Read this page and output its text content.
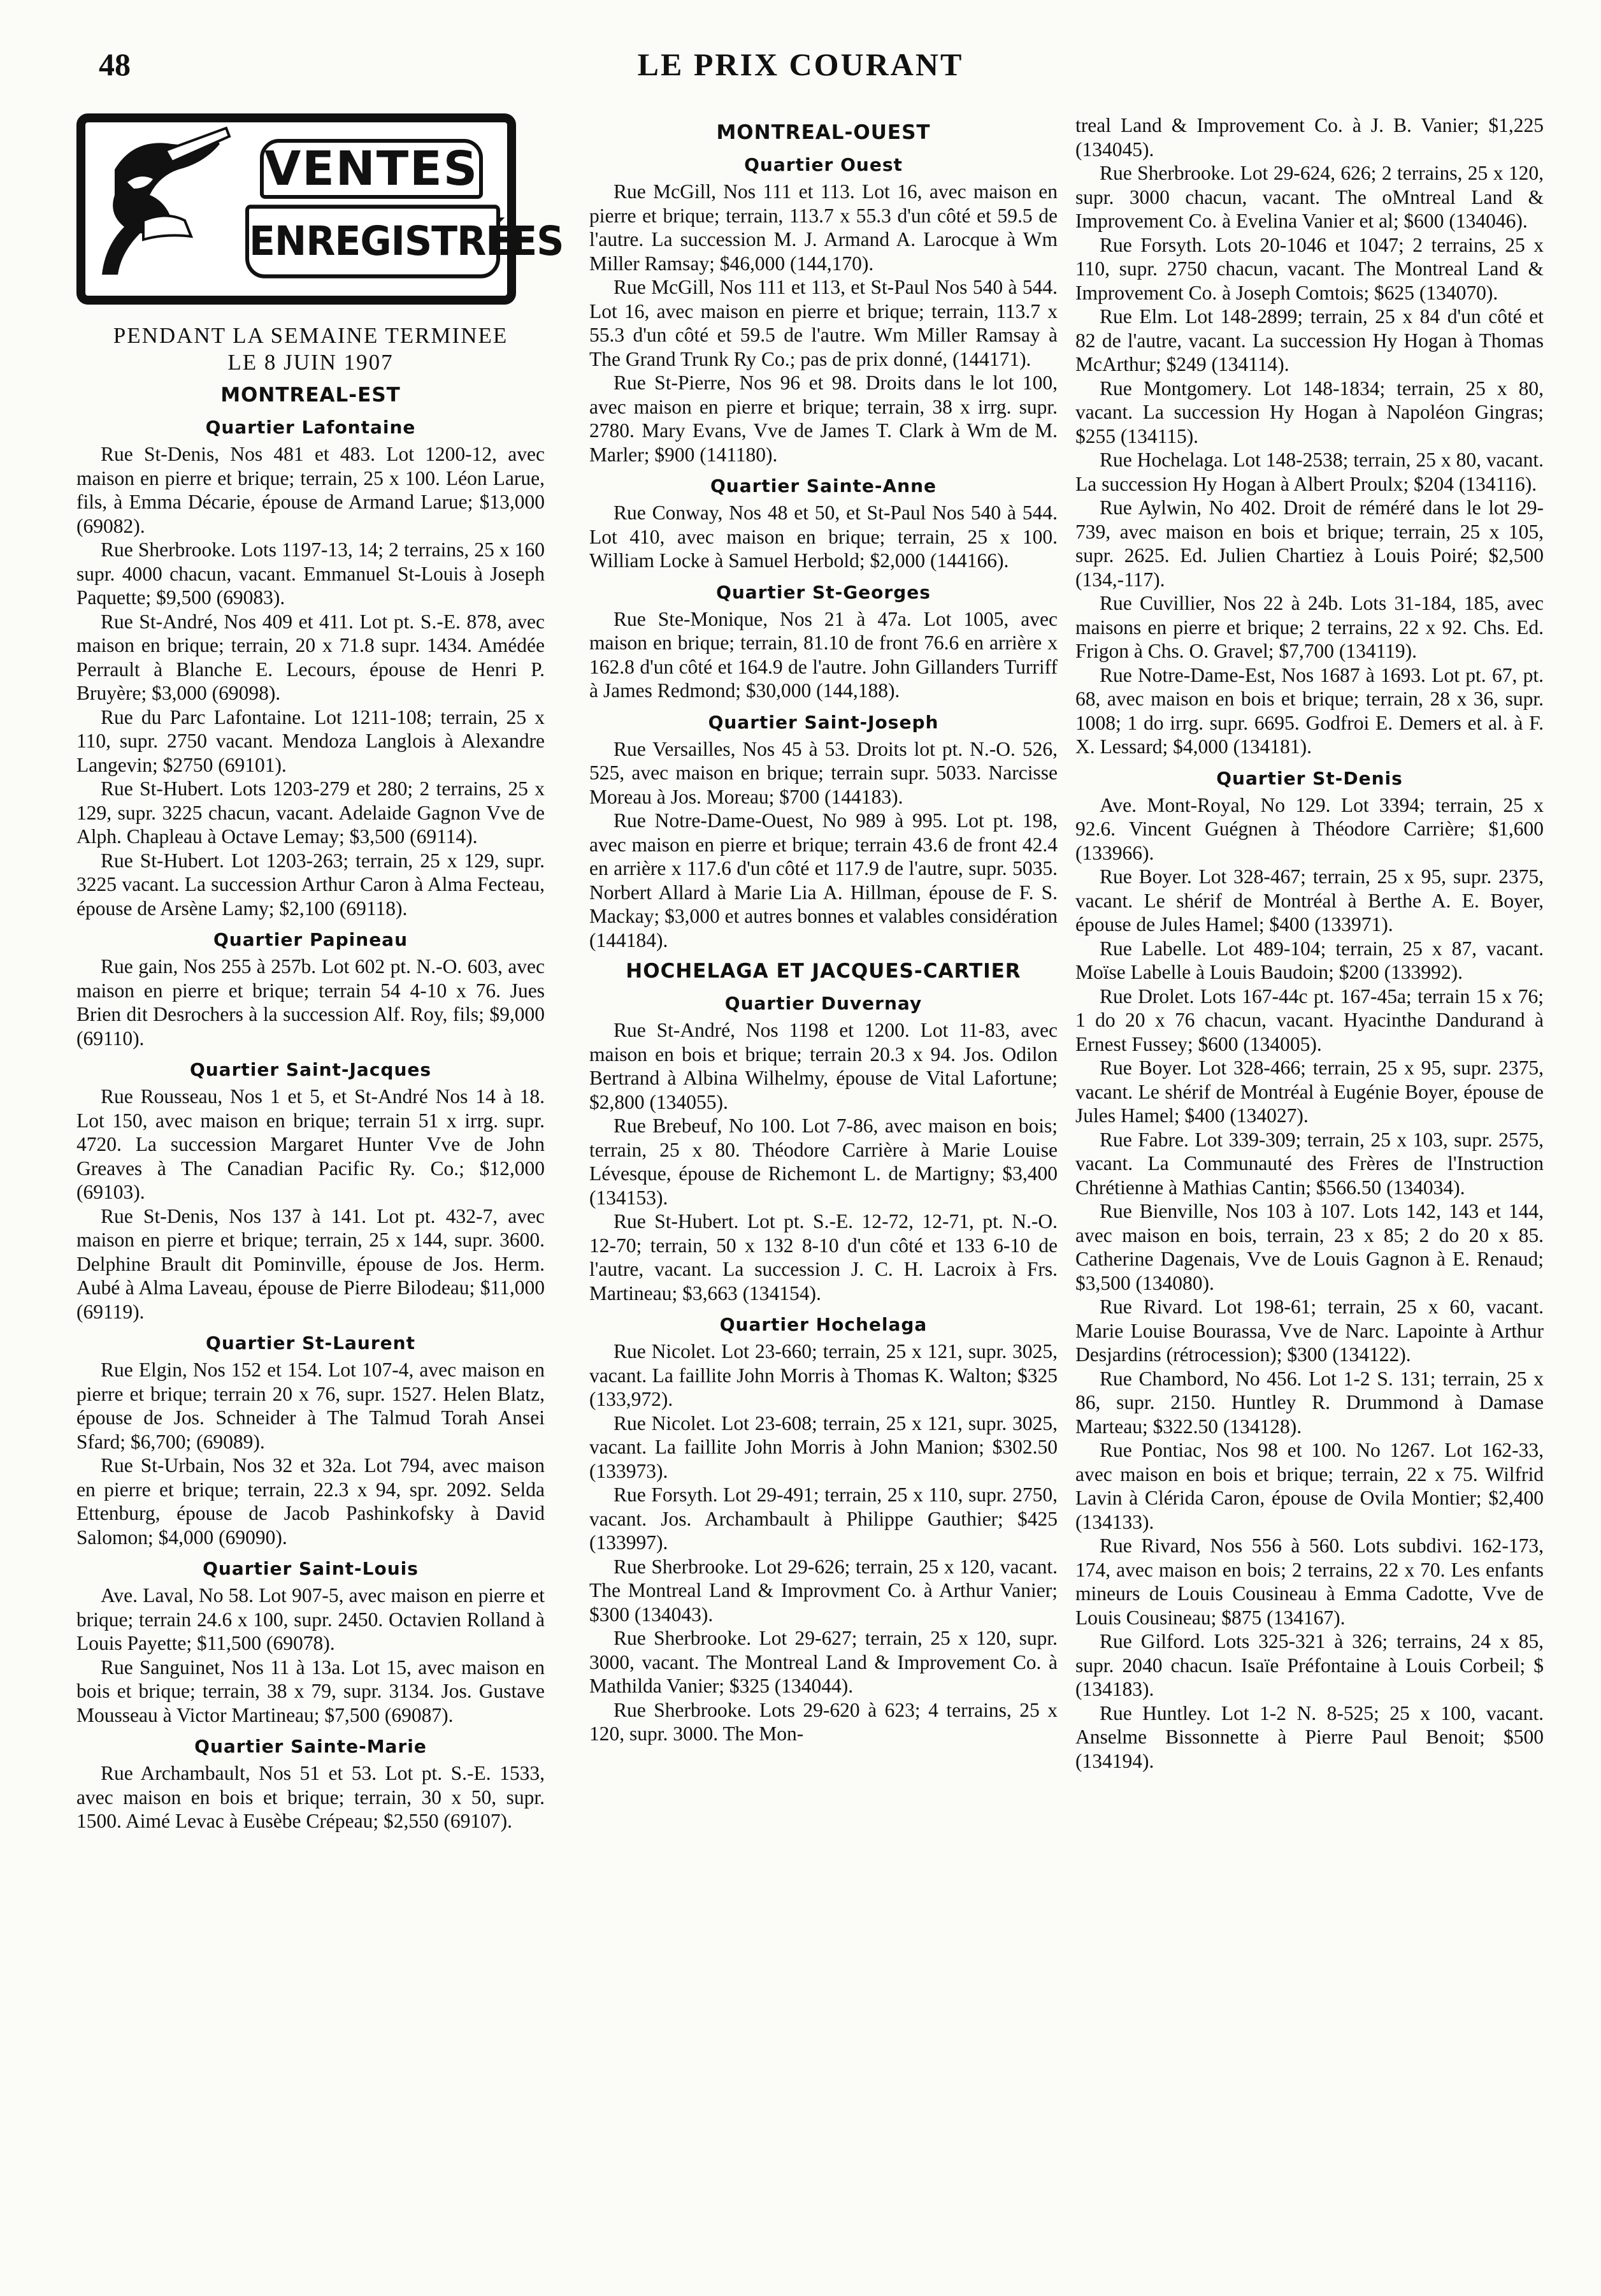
48	LE PRIX COURANT
VENTES
ENREGISTRÉES
PENDANT LA SEMAINE TERMINEE
LE 8 JUIN 1907
MONTREAL-EST
Quartier Lafontaine
Rue St-Denis, Nos 481 et 483. Lot 1200-12, avec maison en pierre et brique; terrain, 25 x 100. Léon Larue, fils, à Emma Décarie, épouse de Armand Larue; $13,000 (69082).
Rue Sherbrooke. Lots 1197-13, 14; 2 terrains, 25 x 160 supr. 4000 chacun, vacant. Emmanuel St-Louis à Joseph Paquette; $9,500 (69083).
Rue St-André, Nos 409 et 411. Lot pt. S.-E. 878, avec maison en brique; terrain, 20 x 71.8 supr. 1434. Amédée Perrault à Blanche E. Lecours, épouse de Henri P. Bruyère; $3,000 (69098).
Rue du Parc Lafontaine. Lot 1211-108; terrain, 25 x 110, supr. 2750 vacant. Mendoza Langlois à Alexandre Langevin; $2750 (69101).
Rue St-Hubert. Lots 1203-279 et 280; 2 terrains, 25 x 129, supr. 3225 chacun, vacant. Adelaide Gagnon Vve de Alph. Chapleau à Octave Lemay; $3,500 (69114).
Rue St-Hubert. Lot 1203-263; terrain, 25 x 129, supr. 3225 vacant. La succession Arthur Caron à Alma Fecteau, épouse de Arsène Lamy; $2,100 (69118).
Quartier Papineau
Rue gain, Nos 255 à 257b. Lot 602 pt. N.-O. 603, avec maison en pierre et brique; terrain 54 4-10 x 76. Jues Brien dit Desrochers à la succession Alf. Roy, fils; $9,000 (69110).
Quartier Saint-Jacques
Rue Rousseau, Nos 1 et 5, et St-André Nos 14 à 18. Lot 150, avec maison en brique; terrain 51 x irrg. supr. 4720. La succession Margaret Hunter Vve de John Greaves à The Canadian Pacific Ry. Co.; $12,000 (69103).
Rue St-Denis, Nos 137 à 141. Lot pt. 432-7, avec maison en pierre et brique; terrain, 25 x 144, supr. 3600. Delphine Brault dit Pominville, épouse de Jos. Herm. Aubé à Alma Laveau, épouse de Pierre Bilodeau; $11,000 (69119).
Quartier St-Laurent
Rue Elgin, Nos 152 et 154. Lot 107-4, avec maison en pierre et brique; terrain 20 x 76, supr. 1527. Helen Blatz, épouse de Jos. Schneider à The Talmud Torah Ansei Sfard; $6,700; (69089).
Rue St-Urbain, Nos 32 et 32a. Lot 794, avec maison en pierre et brique; terrain, 22.3 x 94, spr. 2092. Selda Ettenburg, épouse de Jacob Pashinkofsky à David Salomon; $4,000 (69090).
Quartier Saint-Louis
Ave. Laval, No 58. Lot 907-5, avec maison en pierre et brique; terrain 24.6 x 100, supr. 2450. Octavien Rolland à Louis Payette; $11,500 (69078).
Rue Sanguinet, Nos 11 à 13a. Lot 15, avec maison en bois et brique; terrain, 38 x 79, supr. 3134. Jos. Gustave Mousseau à Victor Martineau; $7,500 (69087).
Quartier Sainte-Marie
Rue Archambault, Nos 51 et 53. Lot pt. S.-E. 1533, avec maison en bois et brique; terrain, 30 x 50, supr. 1500. Aimé Levac à Eusèbe Crépeau; $2,550 (69107).
MONTREAL-OUEST
Quartier Ouest
Rue McGill, Nos 111 et 113. Lot 16, avec maison en pierre et brique; terrain, 113.7 x 55.3 d'un côté et 59.5 de l'autre. La succession M. J. Armand A. Larocque à Wm Miller Ramsay; $46,000 (144,170).
Rue McGill, Nos 111 et 113, et St-Paul Nos 540 à 544. Lot 16, avec maison en pierre et brique; terrain, 113.7 x 55.3 d'un côté et 59.5 de l'autre. Wm Miller Ramsay à The Grand Trunk Ry Co.; pas de prix donné, (144171).
Rue St-Pierre, Nos 96 et 98. Droits dans le lot 100, avec maison en pierre et brique; terrain, 38 x irrg. supr. 2780. Mary Evans, Vve de James T. Clark à Wm de M. Marler; $900 (141180).
Quartier Sainte-Anne
Rue Conway, Nos 48 et 50, et St-Paul Nos 540 à 544. Lot 410, avec maison en brique; terrain, 25 x 100. William Locke à Samuel Herbold; $2,000 (144166).
Quartier St-Georges
Rue Ste-Monique, Nos 21 à 47a. Lot 1005, avec maison en brique; terrain, 81.10 de front 76.6 en arrière x 162.8 d'un côté et 164.9 de l'autre. John Gillanders Turriff à James Redmond; $30,000 (144,188).
Quartier Saint-Joseph
Rue Versailles, Nos 45 à 53. Droits lot pt. N.-O. 526, 525, avec maison en brique; terrain supr. 5033. Narcisse Moreau à Jos. Moreau; $700 (144183).
Rue Notre-Dame-Ouest, No 989 à 995. Lot pt. 198, avec maison en pierre et brique; terrain 43.6 de front 42.4 en arrière x 117.6 d'un côté et 117.9 de l'autre, supr. 5035. Norbert Allard à Marie Lia A. Hillman, épouse de F. S. Mackay; $3,000 et autres bonnes et valables considération (144184).
HOCHELAGA ET JACQUES-CARTIER
Quartier Duvernay
Rue St-André, Nos 1198 et 1200. Lot 11-83, avec maison en bois et brique; terrain 20.3 x 94. Jos. Odilon Bertrand à Albina Wilhelmy, épouse de Vital Lafortune; $2,800 (134055).
Rue Brebeuf, No 100. Lot 7-86, avec maison en bois; terrain, 25 x 80. Théodore Carrière à Marie Louise Lévesque, épouse de Richemont L. de Martigny; $3,400 (134153).
Rue St-Hubert. Lot pt. S.-E. 12-72, 12-71, pt. N.-O. 12-70; terrain, 50 x 132 8-10 d'un côté et 133 6-10 de l'autre, vacant. La succession J. C. H. Lacroix à Frs. Martineau; $3,663 (134154).
Quartier Hochelaga
Rue Nicolet. Lot 23-660; terrain, 25 x 121, supr. 3025, vacant. La faillite John Morris à Thomas K. Walton; $325 (133,972).
Rue Nicolet. Lot 23-608; terrain, 25 x 121, supr. 3025, vacant. La faillite John Morris à John Manion; $302.50 (133973).
Rue Forsyth. Lot 29-491; terrain, 25 x 110, supr. 2750, vacant. Jos. Archambault à Philippe Gauthier; $425 (133997).
Rue Sherbrooke. Lot 29-626; terrain, 25 x 120, vacant. The Montreal Land & Improvment Co. à Arthur Vanier; $300 (134043).
Rue Sherbrooke. Lot 29-627; terrain, 25 x 120, supr. 3000, vacant. The Montreal Land & Improvement Co. à Mathilda Vanier; $325 (134044).
Rue Sherbrooke. Lots 29-620 à 623; 4 terrains, 25 x 120, supr. 3000. The Mon-
treal Land & Improvement Co. à J. B. Vanier; $1,225 (134045).
Rue Sherbrooke. Lot 29-624, 626; 2 terrains, 25 x 120, supr. 3000 chacun, vacant. The oMntreal Land & Improvement Co. à Evelina Vanier et al; $600 (134046).
Rue Forsyth. Lots 20-1046 et 1047; 2 terrains, 25 x 110, supr. 2750 chacun, vacant. The Montreal Land & Improvement Co. à Joseph Comtois; $625 (134070).
Rue Elm. Lot 148-2899; terrain, 25 x 84 d'un côté et 82 de l'autre, vacant. La succession Hy Hogan à Thomas McArthur; $249 (134114).
Rue Montgomery. Lot 148-1834; terrain, 25 x 80, vacant. La succession Hy Hogan à Napoléon Gingras; $255 (134115).
Rue Hochelaga. Lot 148-2538; terrain, 25 x 80, vacant. La succession Hy Hogan à Albert Proulx; $204 (134116).
Rue Aylwin, No 402. Droit de réméré dans le lot 29-739, avec maison en bois et brique; terrain, 25 x 105, supr. 2625. Ed. Julien Chartiez à Louis Poiré; $2,500 (134,-117).
Rue Cuvillier, Nos 22 à 24b. Lots 31-184, 185, avec maisons en pierre et brique; 2 terrains, 22 x 92. Chs. Ed. Frigon à Chs. O. Gravel; $7,700 (134119).
Rue Notre-Dame-Est, Nos 1687 à 1693. Lot pt. 67, pt. 68, avec maison en bois et brique; terrain, 28 x 36, supr. 1008; 1 do irrg. supr. 6695. Godfroi E. Demers et al. à F. X. Lessard; $4,000 (134181).
Quartier St-Denis
Ave. Mont-Royal, No 129. Lot 3394; terrain, 25 x 92.6. Vincent Guégnen à Théodore Carrière; $1,600 (133966).
Rue Boyer. Lot 328-467; terrain, 25 x 95, supr. 2375, vacant. Le shérif de Montréal à Berthe A. E. Boyer, épouse de Jules Hamel; $400 (133971).
Rue Labelle. Lot 489-104; terrain, 25 x 87, vacant. Moïse Labelle à Louis Baudoin; $200 (133992).
Rue Drolet. Lots 167-44c pt. 167-45a; terrain 15 x 76; 1 do 20 x 76 chacun, vacant. Hyacinthe Dandurand à Ernest Fussey; $600 (134005).
Rue Boyer. Lot 328-466; terrain, 25 x 95, supr. 2375, vacant. Le shérif de Montréal à Eugénie Boyer, épouse de Jules Hamel; $400 (134027).
Rue Fabre. Lot 339-309; terrain, 25 x 103, supr. 2575, vacant. La Communauté des Frères de l'Instruction Chrétienne à Mathias Cantin; $566.50 (134034).
Rue Bienville, Nos 103 à 107. Lots 142, 143 et 144, avec maison en bois, terrain, 23 x 85; 2 do 20 x 85. Catherine Dagenais, Vve de Louis Gagnon à E. Renaud; $3,500 (134080).
Rue Rivard. Lot 198-61; terrain, 25 x 60, vacant. Marie Louise Bourassa, Vve de Narc. Lapointe à Arthur Desjardins (rétrocession); $300 (134122).
Rue Chambord, No 456. Lot 1-2 S. 131; terrain, 25 x 86, supr. 2150. Huntley R. Drummond à Damase Marteau; $322.50 (134128).
Rue Pontiac, Nos 98 et 100. No 1267. Lot 162-33, avec maison en bois et brique; terrain, 22 x 75. Wilfrid Lavin à Clérida Caron, épouse de Ovila Montier; $2,400 (134133).
Rue Rivard, Nos 556 à 560. Lots subdivi. 162-173, 174, avec maison en bois; 2 terrains, 22 x 70. Les enfants mineurs de Louis Cousineau à Emma Cadotte, Vve de Louis Cousineau; $875 (134167).
Rue Gilford. Lots 325-321 à 326; terrains, 24 x 85, supr. 2040 chacun. Isaïe Préfontaine à Louis Corbeil; $ (134183).
Rue Huntley. Lot 1-2 N. 8-525; 25 x 100, vacant. Anselme Bissonnette à Pierre Paul Benoit; $500 (134194).
